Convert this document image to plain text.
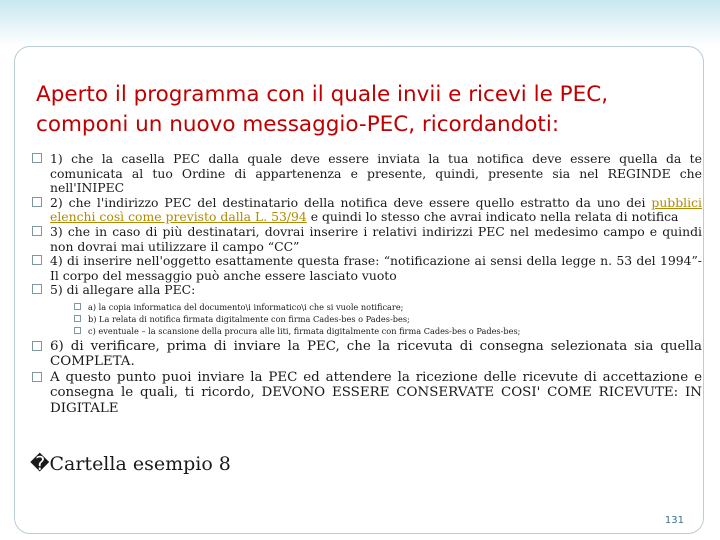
Aperto il programma con il quale invii e ricevi le PEC, componi un nuovo messaggio-PEC, ricordandoti:
1) che la casella PEC dalla quale deve essere inviata la tua notifica deve essere quella da te comunicata al tuo Ordine di appartenenza e presente, quindi, presente sia nel REGINDE che nell'INIPEC
2) che l'indirizzo PEC del destinatario della notifica deve essere quello estratto da uno dei pubblici elenchi così come previsto dalla L. 53/94 e quindi lo stesso che avrai indicato nella relata di notifica
3) che in caso di più destinatari, dovrai inserire i relativi indirizzi PEC nel medesimo campo e quindi non dovrai mai utilizzare il campo “CC”
4) di inserire nell'oggetto esattamente questa frase: “notificazione ai sensi della legge n. 53 del 1994”- Il corpo del messaggio può anche essere lasciato vuoto
5) di allegare alla PEC:
a) la copia informatica del documento\i informatico\i che si vuole notificare;
b) La relata di notifica firmata digitalmente con firma Cades-bes o Pades-bes;
c) eventuale – la scansione della procura alle liti, firmata digitalmente con firma Cades-bes o Pades-bes;
6) di verificare, prima di inviare la PEC, che la ricevuta di consegna selezionata sia quella COMPLETA.
A questo punto puoi inviare la PEC ed attendere la ricezione delle ricevute di accettazione e consegna le quali, ti ricordo, DEVONO ESSERE CONSERVATE COSI' COME RICEVUTE: IN DIGITALE
�Cartella esempio 8
131
